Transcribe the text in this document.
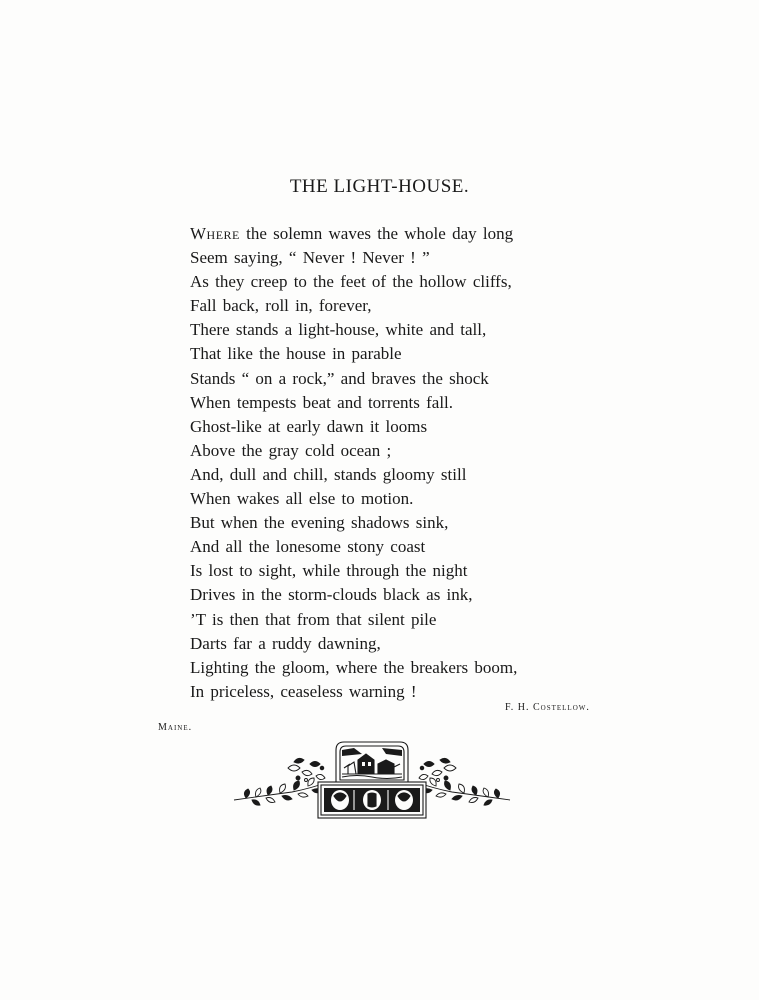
THE LIGHT-HOUSE.
Where the solemn waves the whole day long
Seem saying, “ Never ! Never ! ”
As they creep to the feet of the hollow cliffs,
Fall back, roll in, forever,
There stands a light-house, white and tall,
That like the house in parable
Stands “ on a rock,” and braves the shock
When tempests beat and torrents fall.
Ghost-like at early dawn it looms
Above the gray cold ocean ;
And, dull and chill, stands gloomy still
When wakes all else to motion.
But when the evening shadows sink,
And all the lonesome stony coast
Is lost to sight, while through the night
Drives in the storm-clouds black as ink,
’T is then that from that silent pile
Darts far a ruddy dawning,
Lighting the gloom, where the breakers boom,
In priceless, ceaseless warning !
F. H. Costellow.
Maine.
